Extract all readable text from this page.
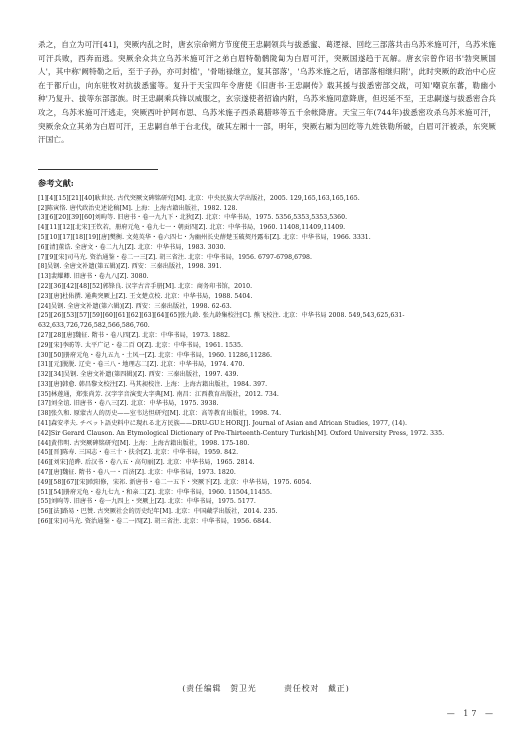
杀之，自立为可汗[41]，突厥内乱之时，唐玄宗命朔方节度使王忠嗣领兵与拔悉蜜、葛逻禄、回纥三部落共击乌苏米施可汗，乌苏米施可汗兵败，西奔而逃。突厥余众共立乌苏米施可汗之弟白眉特勒鹘陇匐为白眉可汗，突厥国遂趋于瓦解。唐玄宗曾作诏书'勃突厥国人'，其中称'阙特勒之后，至于子孙，亦可封植'，'骨咄禄继立，复其部落'，'乌苏米施之后，诸部落相继归附'，此时突厥的政治中心应在于都斤山，向东驻牧对抗拔悉蜜等。复升于天宝四年令唐使《旧唐书·王忠嗣传》载其援与拔悉密部交战，可知'嘲哀东蕃，勒幽小种'乃复升、拔等东部部族。时王忠嗣乘兵锋以威服之，玄宗遂使者招谕内附，乌苏米施同意降唐，但迟延不至，王忠嗣遂与拔悉密合兵攻之，乌苏米施可汗逃走，突厥西叶护阿布思、乌苏米施子西杀葛腊哆等五千余帐降唐。天宝三年(744年)拔悉密攻杀乌苏米施可汗，突厥余众立其弟为白眉可汗，王忠嗣自单于台北伐，破其左厢十一部，明年，突厥右厢为回纥等九姓铁勒所破，白眉可汗被杀，东突厥汗国亡。

参考文献:
[1][4][15][21][40]耿世民. 古代突厥文碑铭研究[M]. 北京：中央民族大学出版社，2005. 129,165,163,165,165.
[2]陈寅恪. 唐代政治史述论稿[M]. 上海：上海古籍出版社，1982. 128.
[3][6][20][39][60]刘昫等. 旧唐书・卷一九九下・北狄[Z]. 北京：中华书局，1975. 5356,5353,5353,5360.
[4][11][12][北宋]王钦若，册府元龟・卷九七一・朝贡四[Z]. 北京：中华书局，1960. 11408,11409,11409.
[5][10][17][18][19][唐]樊衡. 文苑英华・卷六四七・为幽州长史薛楚玉破契丹露布[Z]. 北京：中华书局，1966. 3331.
[6][清]董诰. 全唐文・卷二九九[Z]. 北京：中华书局，1983. 3030.
[7][9][宋]司马光. 资治通鉴・卷二一三[Z]. 胡三省注. 北京：中华书局，1956. 6797-6798,6798.
[8]吴钢. 全唐文补遗(第五辑)[Z]. 西安：三秦出版社，1998. 391.
[13]裴耀卿. 旧唐书・卷九八[Z]. 3080.
[22][36][42][48][52]郭锋良. 汉字古音手册[M]. 北京：商务印书馆，2010.
[23][唐]杜佑撰. 通典突厥上[Z]. 王文楚点校. 北京：中华书局，1988. 5404.
[24]吴钢. 全唐文补遗(第六辑)[Z]. 西安：三秦出版社，1998. 62-63.
[25][26][53][57][59][60][61][62][63][64][65]张九龄. 张九龄集校注[C]. 熊飞校注. 北京：中华书局 2008. 549,543,625,631-632,633,726,726,582,566,586,760.
[27][28][唐]魏征. 隋书・卷八四[Z]. 北京：中华书局，1973. 1882.
[29][宋]李昉等. 太平广记・卷二百 O[Z]. 北京：中华书局，1961. 1535.
[30][50]册府元龟・卷九五九・土风一[Z]. 北京：中华书局，1960. 11286,11286.
[31][元]脱脱. 辽史・卷三八・地理志二[Z]. 北京：中华书局，1974. 470.
[32][34]吴钢. 全唐文补遗(第四辑)[Z]. 西安：三秦出版社，1997. 439.
[33][唐]韩愈. 韩昌黎文校注[Z]. 马其昶校注. 上海：上海古籍出版社，1984. 397.
[35]林莲通，郑张尚芳. 汉字字音演变大字典[M]. 南昌：江西教育出版社，2012. 734.
[37]刘全谊. 旧唐书・卷八三[Z]. 北京：中华书局，1975. 3938.
[38]张久和. 原蒙古人的历史——室韦达怛研究[M]. 北京：高等教育出版社，1998. 74.
[41]森安孝夫. チベット語史料中に現れる北方民族——DRU-GUとHOR[J]. Journal of Asian and African Studies, 1977, (14).
[42]Sir Gerard Clauson. An Etymological Dictionary of Pre-Thirteenth-Century Turkish[M]. Oxford University Press, 1972. 335.
[44]黄伟明. 古突厥碑铭研究[M]. 上海：上海古籍出版社，1998. 175-180.
[45][晋]陈寿. 三国志・卷三十・扶余[Z]. 北京：中华书局，1959. 842.
[46][刘宋]范晔. 后汉书・卷八五・高句丽[Z]. 北京：中华书局，1965. 2814.
[47][唐]魏征. 隋书・卷八一・百济[Z]. 北京：中华书局，1973. 1820.
[49][58][67][宋]欧阳修，宋祁. 新唐书・卷二一五下・突厥下[Z]. 北京：中华书局，1975. 6054.
[51][54]册府元龟・卷九七九・和亲二[Z]. 北京：中华书局，1960. 11504,11455.
[55]刘昫等. 旧唐书・卷一九四上・突厥上[Z]. 北京：中华书局，1975. 5177.
[56][法]路易・巴赞. 古突厥社会的历史纪年[M]. 北京：中国藏学出版社，2014. 235.
[66][宋]司马光. 资治通鉴・卷二一四[Z]. 胡三省注. 北京：中华书局，1956. 6844.
(责任编辑　贺卫光	责任校对　戴正)
— 17 —
